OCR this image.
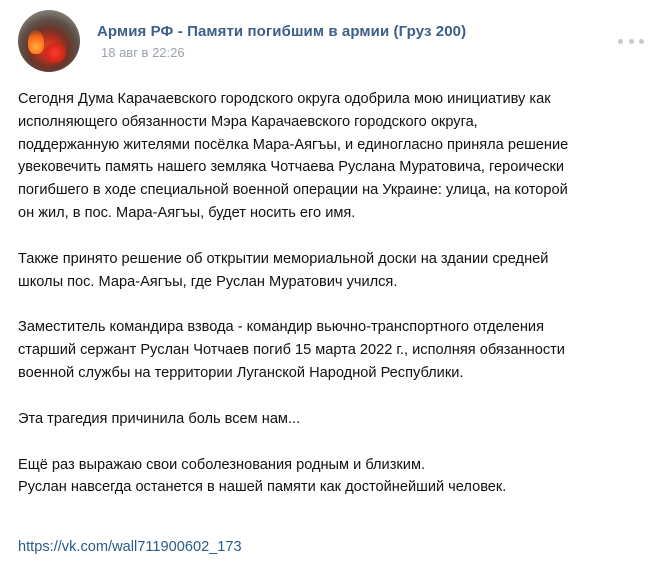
Армия РФ - Памяти погибшим в армии (Груз 200)
18 авг в 22:26

Сегодня Дума Карачаевского городского округа одобрила мою инициативу как
исполняющего обязанности Мэра Карачаевского городского округа,
поддержанную жителями посёлка Мара-Аягъы, и единогласно приняла решение
увековечить память нашего земляка Чотчаева Руслана Муратовича, героически
погибшего в ходе специальной военной операции на Украине: улица, на которой
он жил, в пос. Мара-Аягъы, будет носить его имя.

Также принято решение об открытии мемориальной доски на здании средней
школы пос. Мара-Аягъы, где Руслан Муратович учился.

Заместитель командира взвода - командир вьючно-транспортного отделения
старший сержант Руслан Чотчаев погиб 15 марта 2022 г., исполняя обязанности
военной службы на территории Луганской Народной Республики.

Эта трагедия причинила боль всем нам...

Ещё раз выражаю свои соболезнования родным и близким.
Руслан навсегда останется в нашей памяти как достойнейший человек.

https://vk.com/wall711900602_173
